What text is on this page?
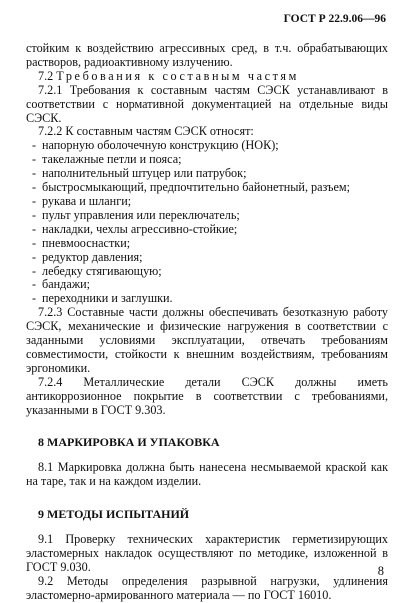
ГОСТ Р 22.9.06—96

стойким к воздействию агрессивных сред, в т.ч. обрабатывающих растворов, радиоактивному излучению.

7.2 Требования к составным частям

7.2.1 Требования к составным частям СЭСК устанавливают в соответствии с нормативной документацией на отдельные виды СЭСК.

7.2.2 К составным частям СЭСК относят:

- напорную оболочечную конструкцию (НОК);
- такелажные петли и пояса;
- наполнительный штуцер или патрубок;
- быстросмыкающий, предпочтительно байонетный, разъем;
- рукава и шланги;
- пульт управления или переключатель;
- накладки, чехлы агрессивно-стойкие;
- пневмооснастки;
- редуктор давления;
- лебедку стягивающую;
- бандажи;
- переходники и заглушки.

7.2.3 Составные части должны обеспечивать безотказную работу СЭСК, механические и физические нагружения в соответствии с заданными условиями эксплуатации, отвечать требованиям совместимости, стойкости к внешним воздействиям, требованиям эргономики.

7.2.4 Металлические детали СЭСК должны иметь антикоррозионное покрытие в соответствии с требованиями, указанными в ГОСТ 9.303.

8 МАРКИРОВКА И УПАКОВКА

8.1 Маркировка должна быть нанесена несмываемой краской как на таре, так и на каждом изделии.

9 МЕТОДЫ ИСПЫТАНИЙ

9.1 Проверку технических характеристик герметизирующих эластомерных накладок осуществляют по методике, изложенной в ГОСТ 9.030.

9.2 Методы определения разрывной нагрузки, удлинения эластомерно-армированного материала — по ГОСТ 16010.

8
